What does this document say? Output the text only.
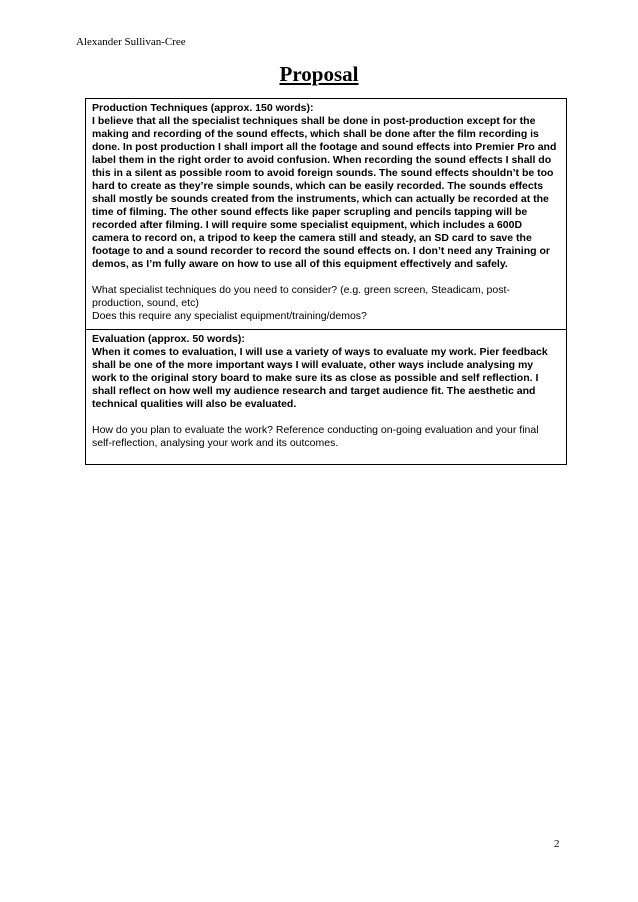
Alexander Sullivan-Cree
Proposal

Production Techniques (approx. 150 words):

I believe that all the specialist techniques shall be done in post-production except for the making and recording of the sound effects, which shall be done after the film recording is done. In post production I shall import all the footage and sound effects into Premier Pro and label them in the right order to avoid confusion. When recording the sound effects I shall do this in a silent as possible room to avoid foreign sounds. The sound effects shouldn’t be too hard to create as they’re simple sounds, which can be easily recorded. The sounds effects shall mostly be sounds created from the instruments, which can actually be recorded at the time of filming. The other sound effects like paper scrupling and pencils tapping will be recorded after filming. I will require some specialist equipment, which includes a 600D camera to record on, a tripod to keep the camera still and steady, an SD card to save the footage to and a sound recorder to record the sound effects on. I don’t need any Training or demos, as I’m fully aware on how to use all of this equipment effectively and safely.

What specialist techniques do you need to consider? (e.g. green screen, Steadicam, post-production, sound, etc)

Does this require any specialist equipment/training/demos?

Evaluation (approx. 50 words):

When it comes to evaluation, I will use a variety of ways to evaluate my work. Pier feedback shall be one of the more important ways I will evaluate, other ways include analysing my work to the original story board to make sure its as close as possible and self reflection. I shall reflect on how well my audience research and target audience fit. The aesthetic and technical qualities will also be evaluated.

How do you plan to evaluate the work? Reference conducting on-going evaluation and your final self-reflection, analysing your work and its outcomes.

2
